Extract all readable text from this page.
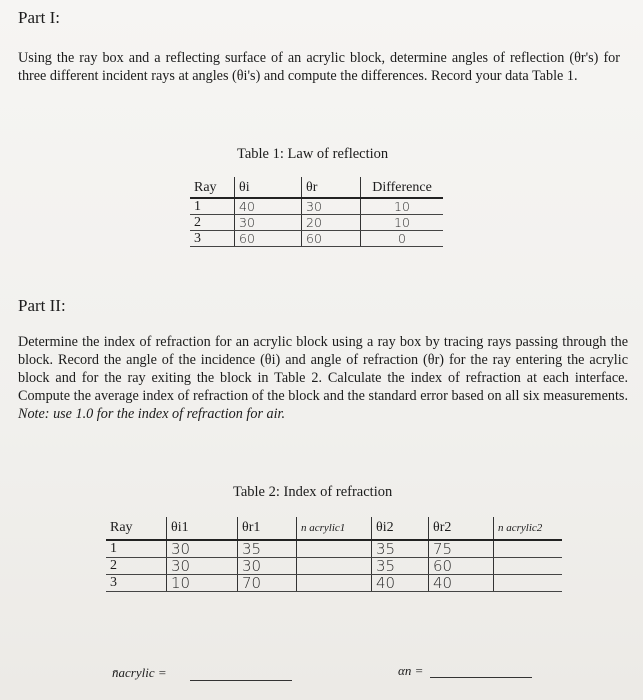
Part I:
Using the ray box and a reflecting surface of an acrylic block, determine angles of reflection (θr's) for three different incident rays at angles (θi's) and compute the differences. Record your data Table 1.
Table 1: Law of reflection
Ray	θi	θr	Difference
1	40	30	10
2	30	20	10
3	60	60	0
Part II:
Determine the index of refraction for an acrylic block using a ray box by tracing rays passing through the block. Record the angle of the incidence (θi) and angle of refraction (θr) for the ray entering the acrylic block and for the ray exiting the block in Table 2. Calculate the index of refraction at each interface. Compute the average index of refraction of the block and the standard error based on all six measurements. Note: use 1.0 for the index of refraction for air.
Table 2: Index of refraction
Ray	θi1	θr1	n acrylic1	θi2	θr2	n acrylic2
1	30	35		35	75	
2	30	30		35	60	
3	10	70		40	40	
n̄acrylic =	αn =
